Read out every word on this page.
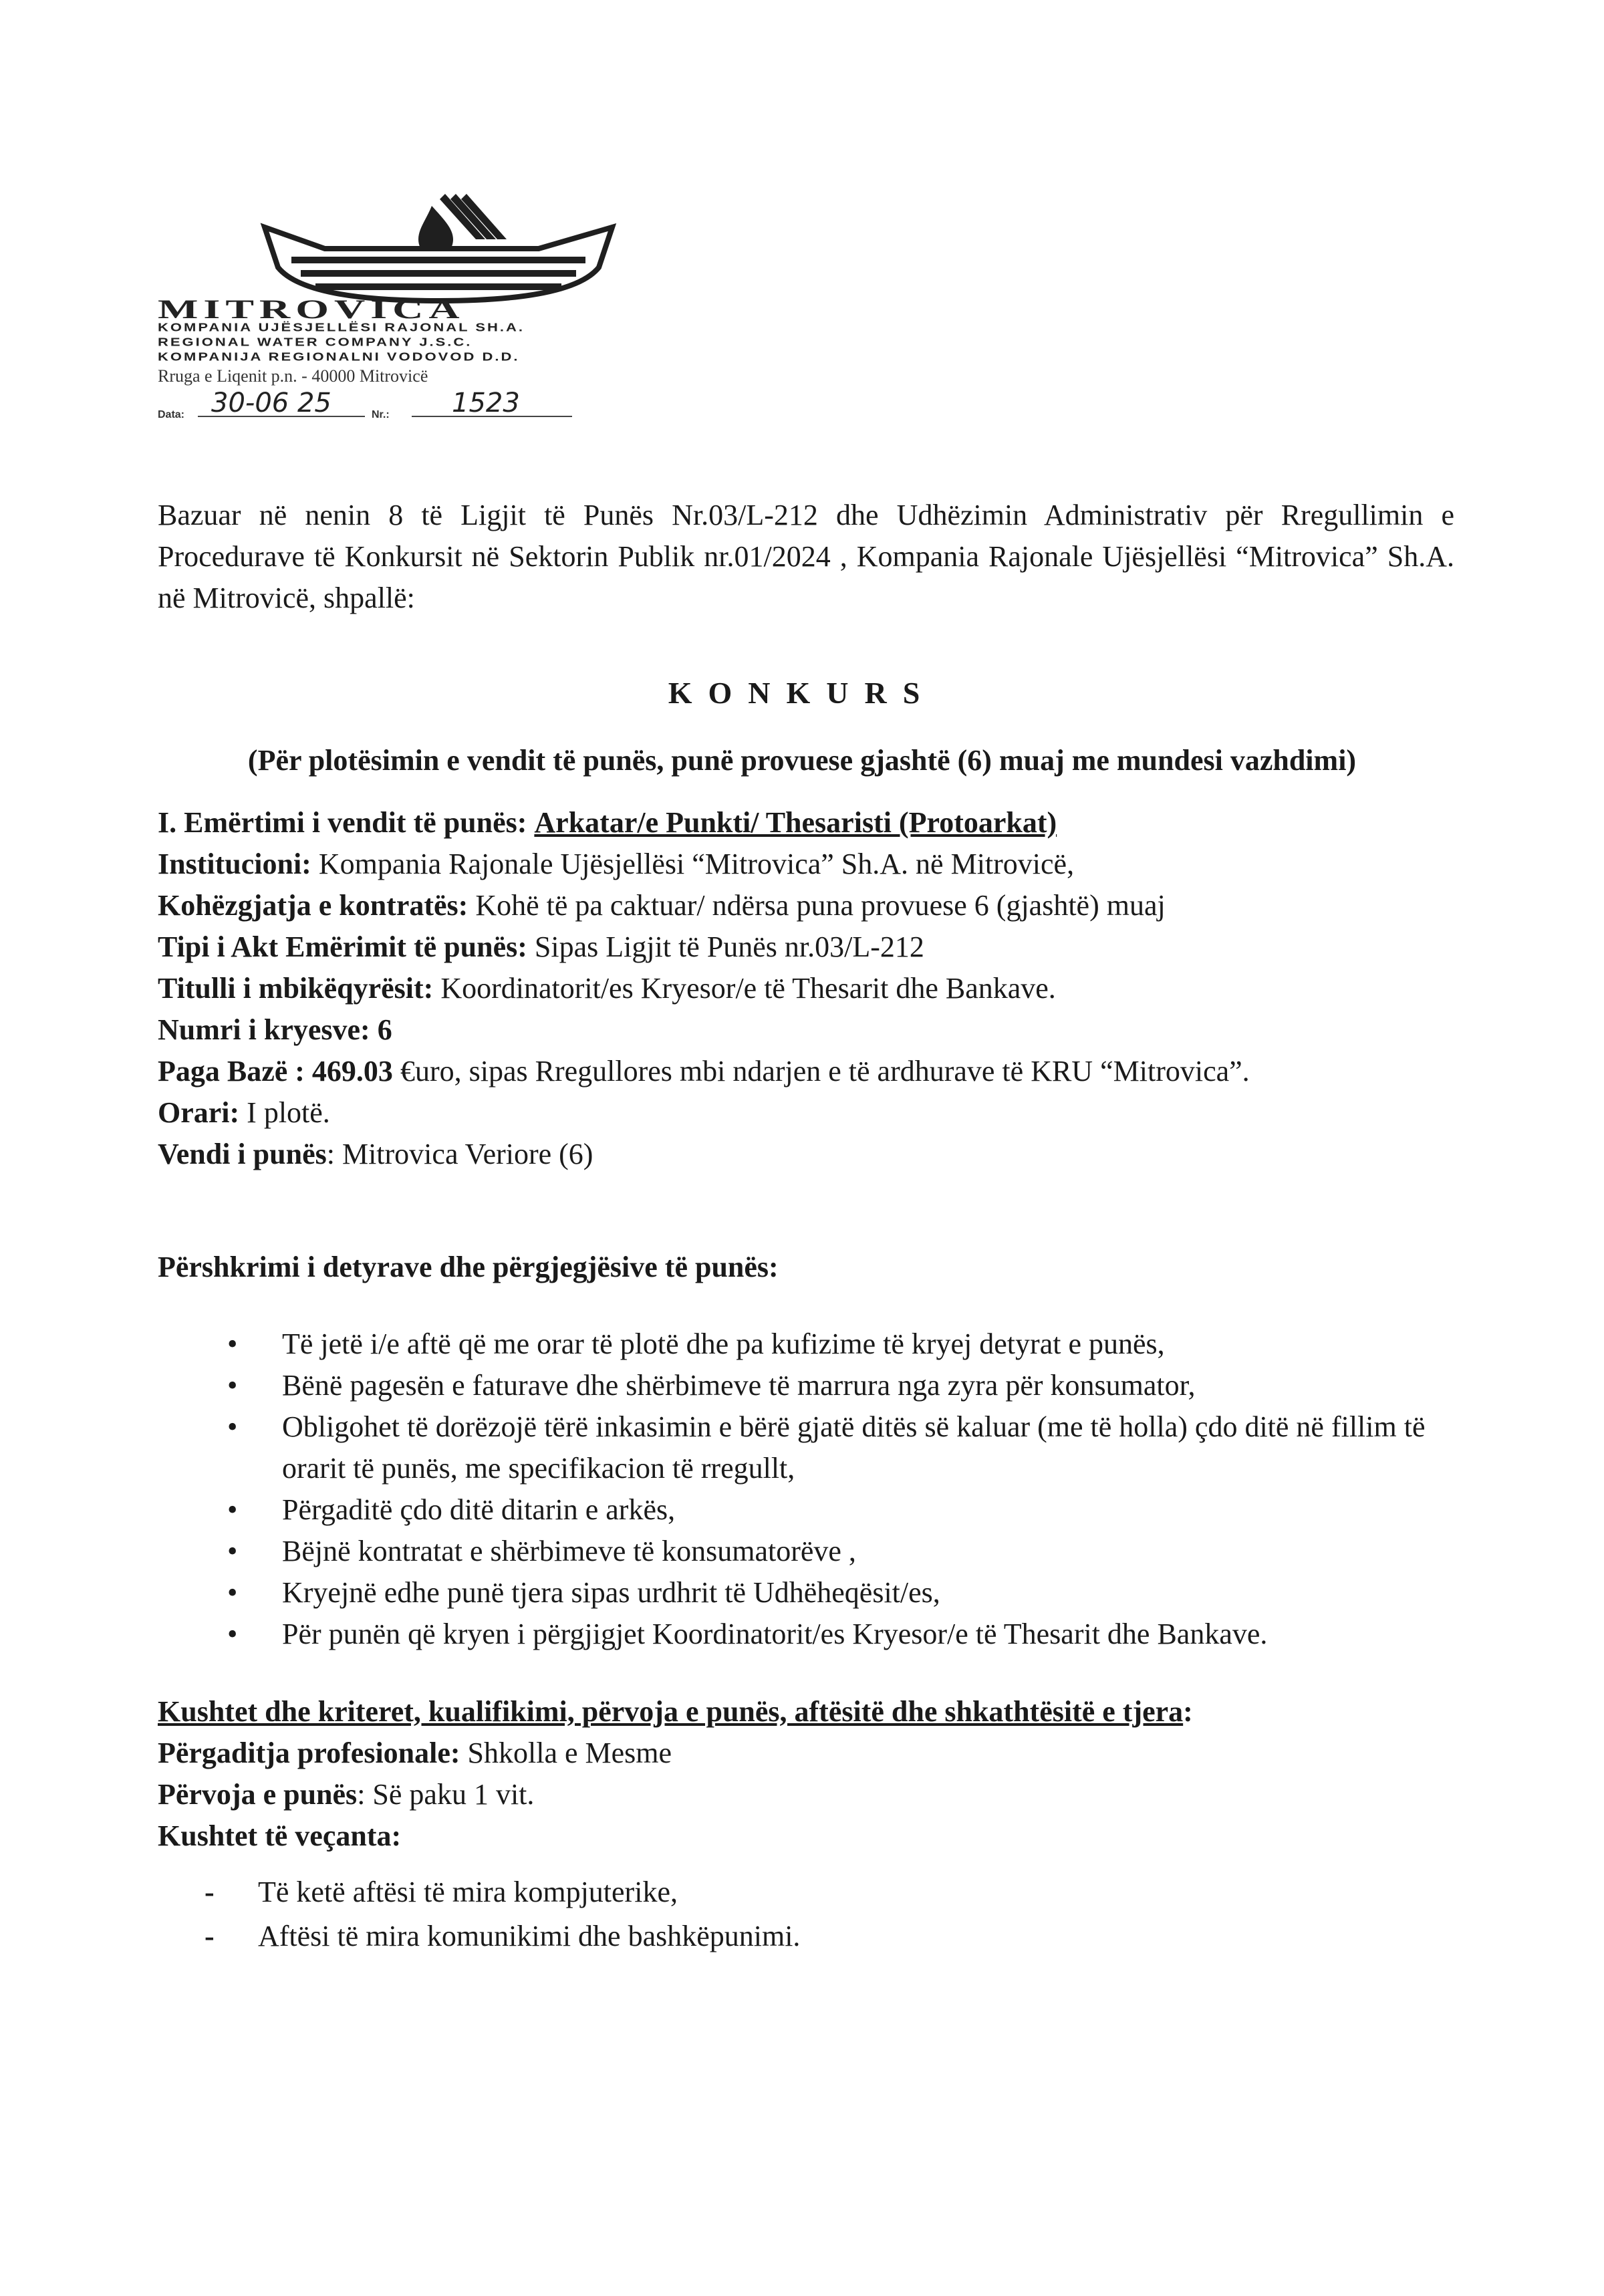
MITROVICA
KOMPANIA UJËSJELLËSI RAJONAL SH.A.
REGIONAL WATER COMPANY J.S.C.
KOMPANIJA REGIONALNI VODOVOD D.D.
Rruga e Liqenit p.n. - 40000 Mitrovicë
Data: 30-06 25	Nr.: 1523
Bazuar në nenin 8 të Ligjit të Punës Nr.03/L-212 dhe Udhëzimin Administrativ për Rregullimin e Procedurave të Konkursit në Sektorin Publik nr.01/2024 , Kompania Rajonale Ujësjellësi “Mitrovica” Sh.A. në Mitrovicë, shpallë:
KONKURS
(Për plotësimin e vendit të punës, punë provuese gjashtë (6) muaj me mundesi vazhdimi)

I. Emërtimi i vendit të punës: Arkatar/e Punkti/ Thesaristi (Protoarkat)

Institucioni: Kompania Rajonale Ujësjellësi “Mitrovica” Sh.A. në Mitrovicë,

Kohëzgjatja e kontratës: Kohë të pa caktuar/ ndërsa puna provuese 6 (gjashtë) muaj

Tipi i Akt Emërimit të punës: Sipas Ligjit të Punës nr.03/L-212

Titulli i mbikëqyrësit: Koordinatorit/es Kryesor/e të Thesarit dhe Bankave.

Numri i kryesve: 6

Paga Bazë : 469.03 €uro, sipas Rregullores mbi ndarjen e të ardhurave të KRU “Mitrovica”.

Orari: I plotë.

Vendi i punës: Mitrovica Veriore (6)

Përshkrimi i detyrave dhe përgjegjësive të punës:
• Të jetë i/e aftë që me orar të plotë dhe pa kufizime të kryej detyrat e punës,
• Bënë pagesën e faturave dhe shërbimeve të marrura nga zyra për konsumator,
• Obligohet të dorëzojë tërë inkasimin e bërë gjatë ditës së kaluar (me të holla) çdo ditë në fillim të orarit të punës, me specifikacion të rregullt,
• Përgaditë çdo ditë ditarin e arkës,
• Bëjnë kontratat e shërbimeve të konsumatorëve ,
• Kryejnë edhe punë tjera sipas urdhrit të Udhëheqësit/es,
• Për punën që kryen i përgjigjet Koordinatorit/es Kryesor/e të Thesarit dhe Bankave.

Kushtet dhe kriteret, kualifikimi, përvoja e punës, aftësitë dhe shkathtësitë e tjera:

Përgaditja profesionale: Shkolla e Mesme

Përvoja e punës: Së paku 1 vit.

Kushtet të veçanta:

- Të ketë aftësi të mira kompjuterike,
- Aftësi të mira komunikimi dhe bashkëpunimi.
